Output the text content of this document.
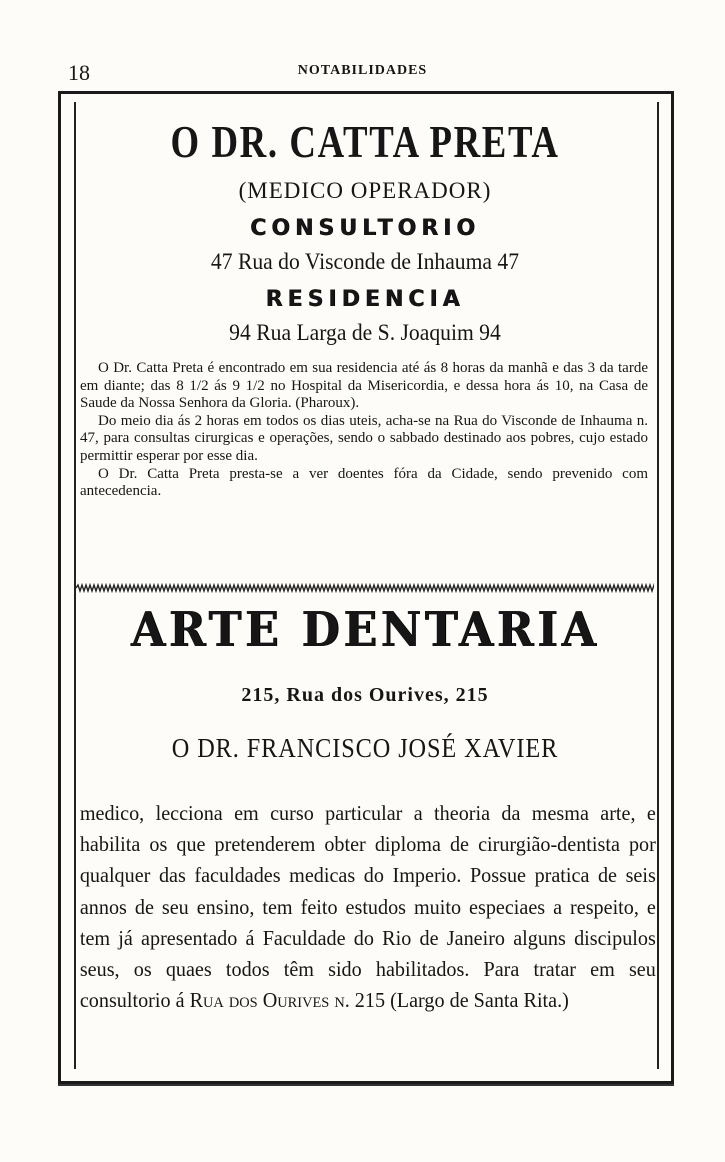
18	NOTABILIDADES
O DR. CATTA PRETA
(MEDICO OPERADOR)
CONSULTORIO
47 Rua do Visconde de Inhauma 47
RESIDENCIA
94 Rua Larga de S. Joaquim 94

O Dr. Catta Preta é encontrado em sua residencia até ás 8 horas da manhã e das 3 da tarde em diante; das 8 1/2 ás 9 1/2 no Hospital da Misericordia, e dessa hora ás 10, na Casa de Saude da Nossa Senhora da Gloria. (Pharoux).

Do meio dia ás 2 horas em todos os dias uteis, acha-se na Rua do Visconde de Inhauma n. 47, para consultas cirurgicas e operações, sendo o sabbado destinado aos pobres, cujo estado permittir esperar por esse dia.

O Dr. Catta Preta presta-se a ver doentes fóra da Cidade, sendo prevenido com antecedencia.

ARTE DENTARIA
215, Rua dos Ourives, 215
O DR. FRANCISCO JOSÉ XAVIER
medico, lecciona em curso particular a theoria da mesma arte, e habilita os que pretenderem obter diploma de cirurgião-dentista por qualquer das faculdades medicas do Imperio. Possue pratica de seis annos de seu ensino, tem feito estudos muito especiaes a respeito, e tem já apresentado á Faculdade do Rio de Janeiro alguns discipulos seus, os quaes todos têm sido habilitados. Para tratar em seu consultorio á Rua dos Ourives n. 215 (Largo de Santa Rita.)
